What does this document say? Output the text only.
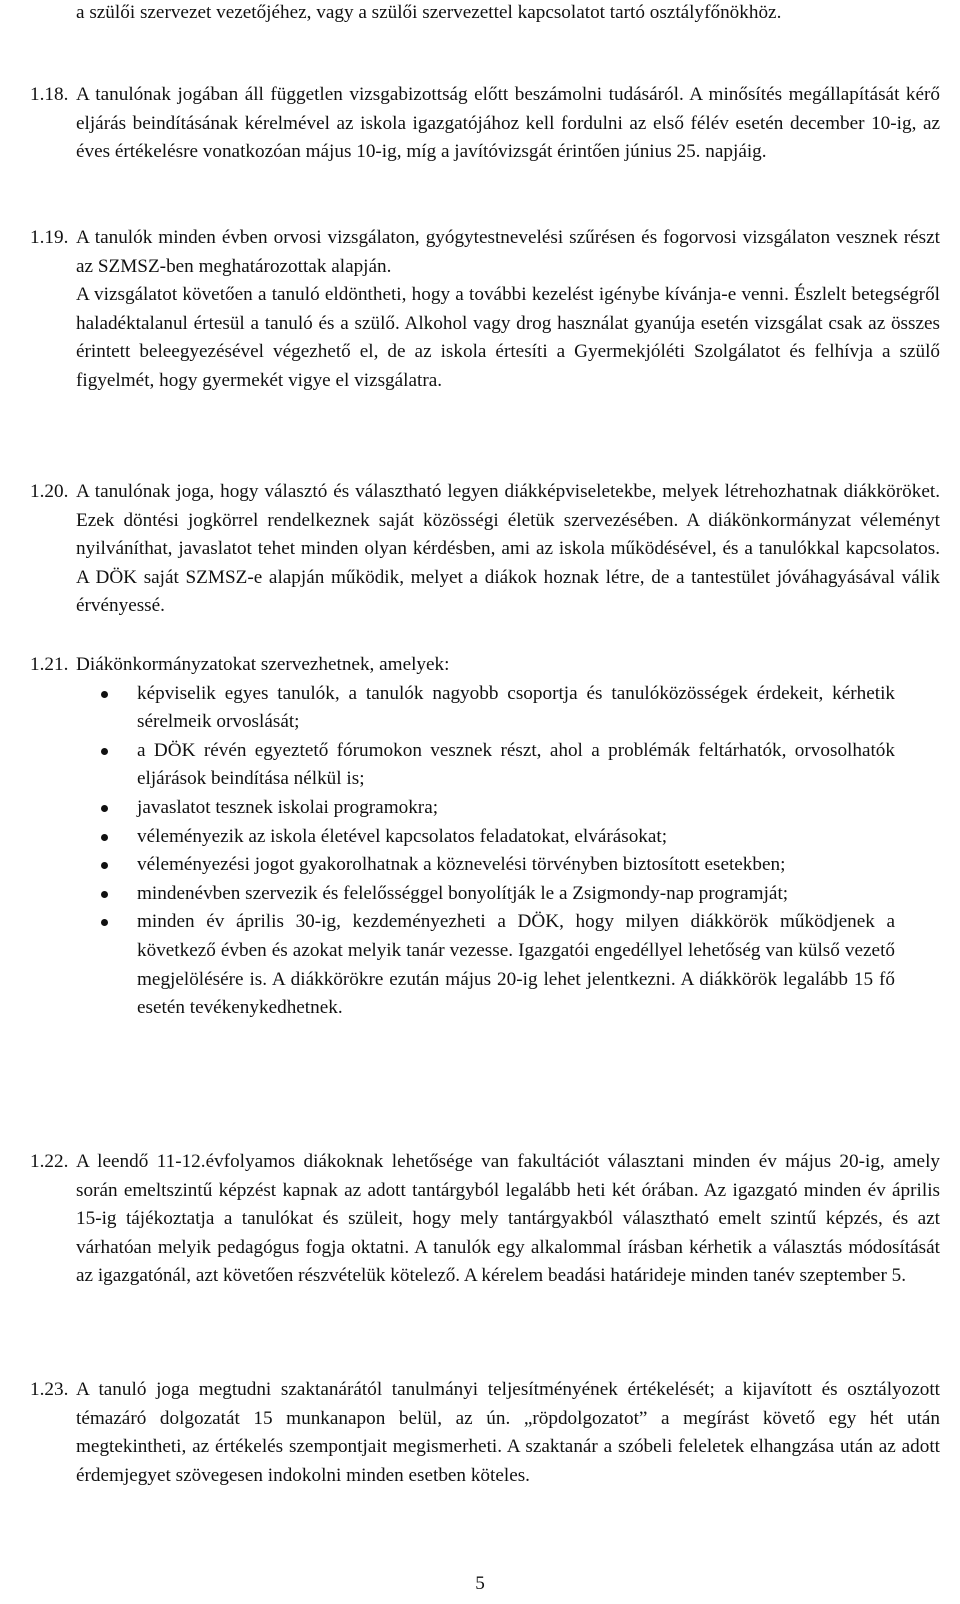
a szülői szervezet vezetőjéhez, vagy a szülői szervezettel kapcsolatot tartó osztályfőnökhöz.
1.18. A tanulónak jogában áll független vizsgabizottság előtt beszámolni tudásáról. A minősítés megállapítását kérő eljárás beindításának kérelmével az iskola igazgatójához kell fordulni az első félév esetén december 10-ig, az éves értékelésre vonatkozóan május 10-ig, míg a javítóvizsgát érintően június 25. napjáig.
1.19. A tanulók minden évben orvosi vizsgálaton, gyógytestnevelési szűrésen és fogorvosi vizsgálaton vesznek részt az SZMSZ-ben meghatározottak alapján.

A vizsgálatot követően a tanuló eldöntheti, hogy a további kezelést igénybe kívánja-e venni. Észlelt betegségről haladéktalanul értesül a tanuló és a szülő. Alkohol vagy drog használat gyanúja esetén vizsgálat csak az összes érintett beleegyezésével végezhető el, de az iskola értesíti a Gyermekjóléti Szolgálatot és felhívja a szülő figyelmét, hogy gyermekét vigye el vizsgálatra.

1.20. A tanulónak joga, hogy választó és választható legyen diákképviseletekbe, melyek létrehozhatnak diákköröket. Ezek döntési jogkörrel rendelkeznek saját közösségi életük szervezésében. A diákönkormányzat véleményt nyilváníthat, javaslatot tehet minden olyan kérdésben, ami az iskola működésével, és a tanulókkal kapcsolatos. A DÖK saját SZMSZ-e alapján működik, melyet a diákok hoznak létre, de a tantestület jóváhagyásával válik érvényessé.
1.21. Diákönkormányzatokat szervezhetnek, amelyek:
képviselik egyes tanulók, a tanulók nagyobb csoportja és tanulóközösségek érdekeit, kérhetik sérelmeik orvoslását;
a DÖK révén egyeztető fórumokon vesznek részt, ahol a problémák feltárhatók, orvosolhatók eljárások beindítása nélkül is;
javaslatot tesznek iskolai programokra;
véleményezik az iskola életével kapcsolatos feladatokat, elvárásokat;
véleményezési jogot gyakorolhatnak a köznevelési törvényben biztosított esetekben;
mindenévben szervezik és felelősséggel bonyolítják le a Zsigmondy-nap programját;
minden év április 30-ig, kezdeményezheti a DÖK, hogy milyen diákkörök működjenek a következő évben és azokat melyik tanár vezesse. Igazgatói engedéllyel lehetőség van külső vezető megjelölésére is. A diákkörökre ezután május 20-ig lehet jelentkezni. A diákkörök legalább 15 fő esetén tevékenykedhetnek.
1.22. A leendő 11-12.évfolyamos diákoknak lehetősége van fakultációt választani minden év május 20-ig, amely során emeltszintű képzést kapnak az adott tantárgyból legalább heti két órában. Az igazgató minden év április 15-ig tájékoztatja a tanulókat és szüleit, hogy mely tantárgyakból választható emelt szintű képzés, és azt várhatóan melyik pedagógus fogja oktatni. A tanulók egy alkalommal írásban kérhetik a választás módosítását az igazgatónál, azt követően részvételük kötelező. A kérelem beadási határideje minden tanév szeptember 5.
1.23. A tanuló joga megtudni szaktanárától tanulmányi teljesítményének értékelését; a kijavított és osztályozott témazáró dolgozatát 15 munkanapon belül, az ún. „röpdolgozatot” a megírást követő egy hét után megtekintheti, az értékelés szempontjait megismerheti. A szaktanár a szóbeli feleletek elhangzása után az adott érdemjegyet szövegesen indokolni minden esetben köteles.
5
